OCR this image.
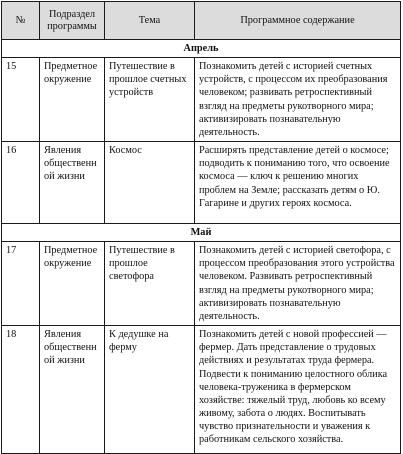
№	Подраздел программы	Тема	Программное содержание
Апрель			
15	Предметное окружение	Путешествие в прошлое счетных устройств	Познакомить детей с историей счетных устройств, с процессом их преобразования человеком; развивать ретроспективный взгляд на предметы рукотворного мира; активизировать познавательную деятельность.
16	Явления общественной жизни	Космос	Расширять представление детей о космосе; подводить к пониманию того, что освоение космоса — ключ к решению многих проблем на Земле; рассказать детям о Ю. Гагарине и других героях космоса.
Май			
17	Предметное окружение	Путешествие в прошлое светофора	Познакомить детей с историей светофора, с процессом преобразования этого устройства человеком. Развивать ретроспективный взгляд на предметы рукотворного мира; активизировать познавательную деятельность.
18	Явления общественной жизни	К дедушке на ферму	Познакомить детей с новой профессией — фермер. Дать представление о трудовых действиях и результатах труда фермера. Подвести к пониманию целостного облика человека-труженика в фермерском хозяйстве: тяжелый труд, любовь ко всему живому, забота о людях. Воспитывать чувство признательности и уважения к работникам сельского хозяйства.
